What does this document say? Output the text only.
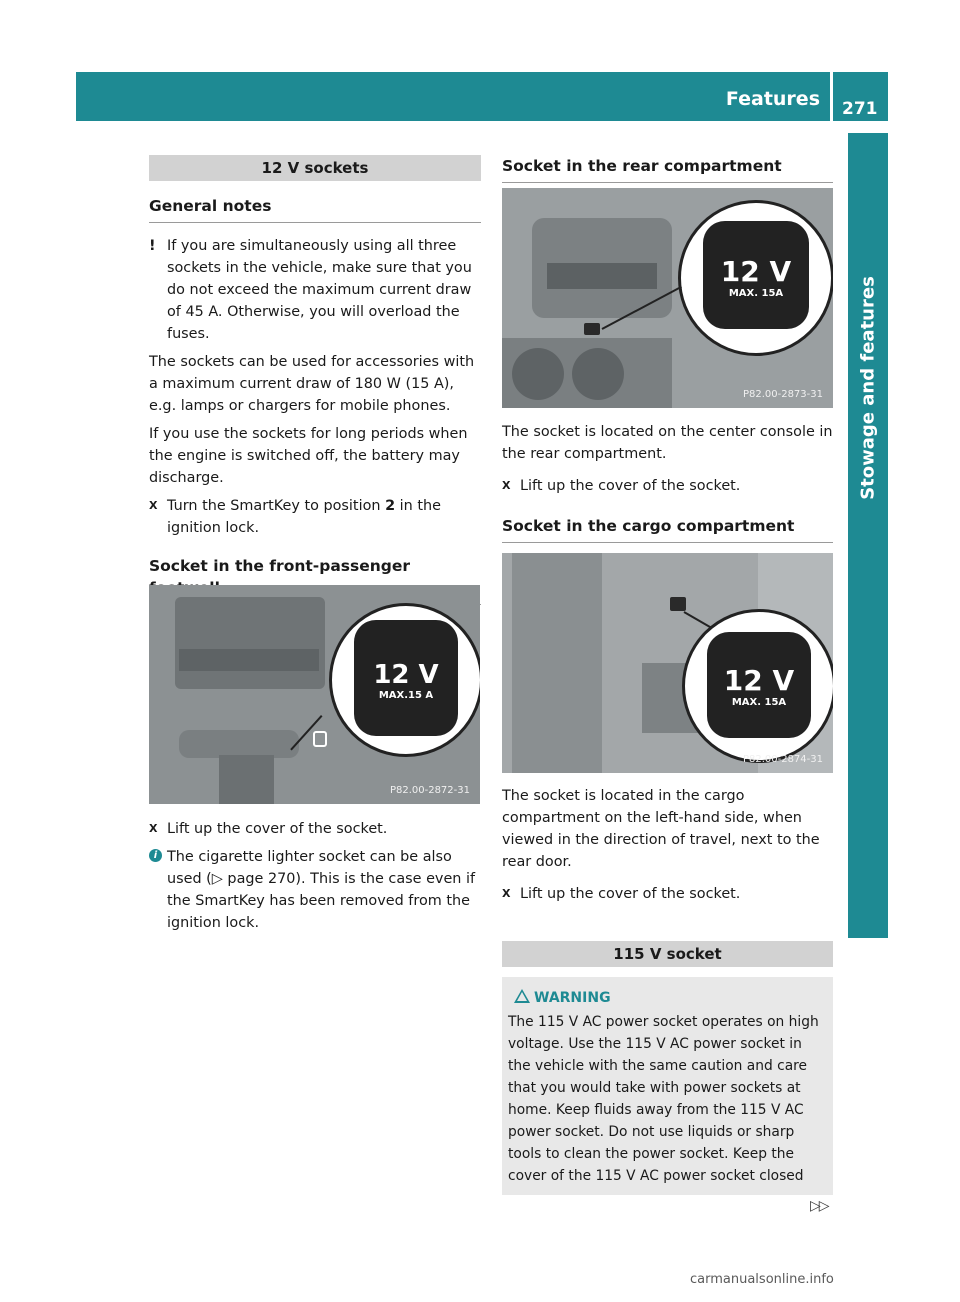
Features 271
Stowage and features
12 V sockets
General notes

! If you are simultaneously using all three sockets in the vehicle, make sure that you do not exceed the maximum current draw of 45 A. Otherwise, you will overload the fuses.

The sockets can be used for accessories with a maximum current draw of 180 W (15 A), e.g. lamps or chargers for mobile phones.

If you use the sockets for long periods when the engine is switched off, the battery may discharge.

X Turn the SmartKey to position 2 in the ignition lock.

Socket in the front-passenger
12 V
MAX.15 A
P82.00-2872-31

X Lift up the cover of the socket.

i The cigarette lighter socket can be also used (▷ page 270). This is the case even if the SmartKey has been removed from the ignition lock.

Socket in the rear compartment
12 V
MAX. 15A
P82.00-2873-31

The socket is located on the center console in the rear compartment.

X Lift up the cover of the socket.

Socket in the cargo compartment
12 V
MAX. 15A
P82.00-2874-31

The socket is located in the cargo compartment on the left-hand side, when viewed in the direction of travel, next to the rear door.

X Lift up the cover of the socket.

115 V socket
WARNING
The 115 V AC power socket operates on high voltage. Use the 115 V AC power socket in the vehicle with the same caution and care that you would take with power sockets at home. Keep fluids away from the 115 V AC power socket. Do not use liquids or sharp tools to clean the power socket. Keep the cover of the 115 V AC power socket closed
▷▷
carmanualsonline.info
